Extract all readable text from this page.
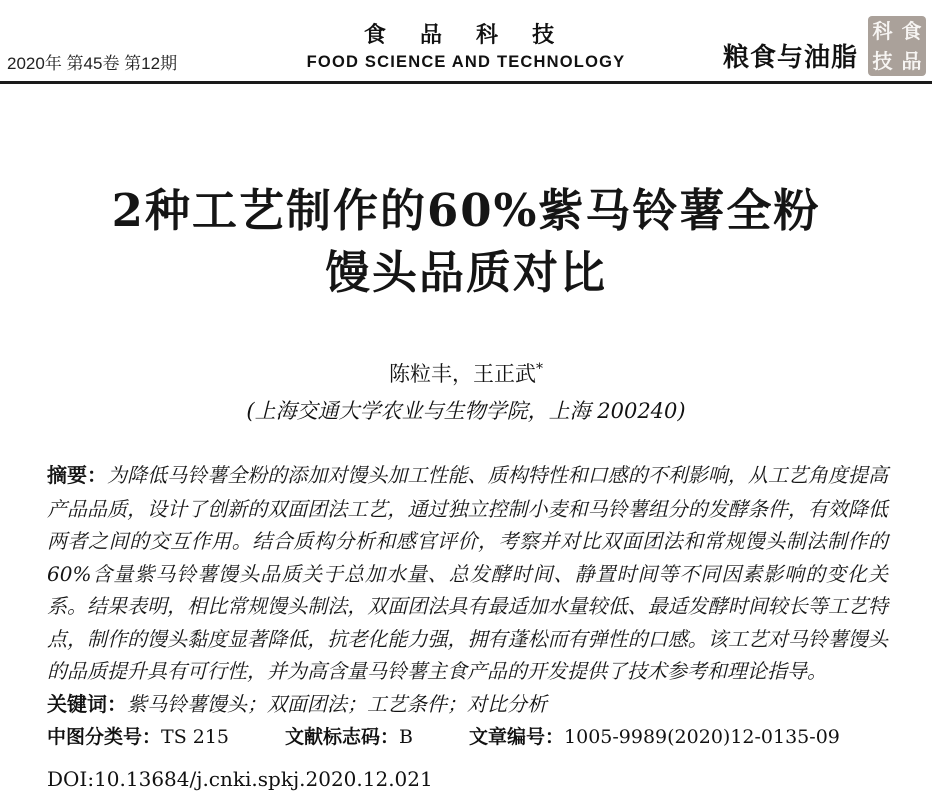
2020年 第45卷 第12期
食 品 科 技
FOOD SCIENCE AND TECHNOLOGY	粮食与油脂
食
科
品
技
2种工艺制作的60%紫马铃薯全粉
馒头品质对比
陈粒丰，王正武*
(上海交通大学农业与生物学院，上海 200240)

摘要：为降低马铃薯全粉的添加对馒头加工性能、质构特性和口感的不利影响，从工艺角度提高产品品质，设计了创新的双面团法工艺，通过独立控制小麦和马铃薯组分的发酵条件，有效降低两者之间的交互作用。结合质构分析和感官评价，考察并对比双面团法和常规馒头制法制作的60%含量紫马铃薯馒头品质关于总加水量、总发酵时间、静置时间等不同因素影响的变化关系。结果表明，相比常规馒头制法，双面团法具有最适加水量较低、最适发酵时间较长等工艺特点，制作的馒头黏度显著降低，抗老化能力强，拥有蓬松而有弹性的口感。该工艺对马铃薯馒头的品质提升具有可行性，并为高含量马铃薯主食产品的开发提供了技术参考和理论指导。

关键词：紫马铃薯馒头；双面团法；工艺条件；对比分析

中图分类号：TS 215	文献标志码：B	文章编号：1005-9989(2020)12-0135-09
DOI:10.13684/j.cnki.spkj.2020.12.021
